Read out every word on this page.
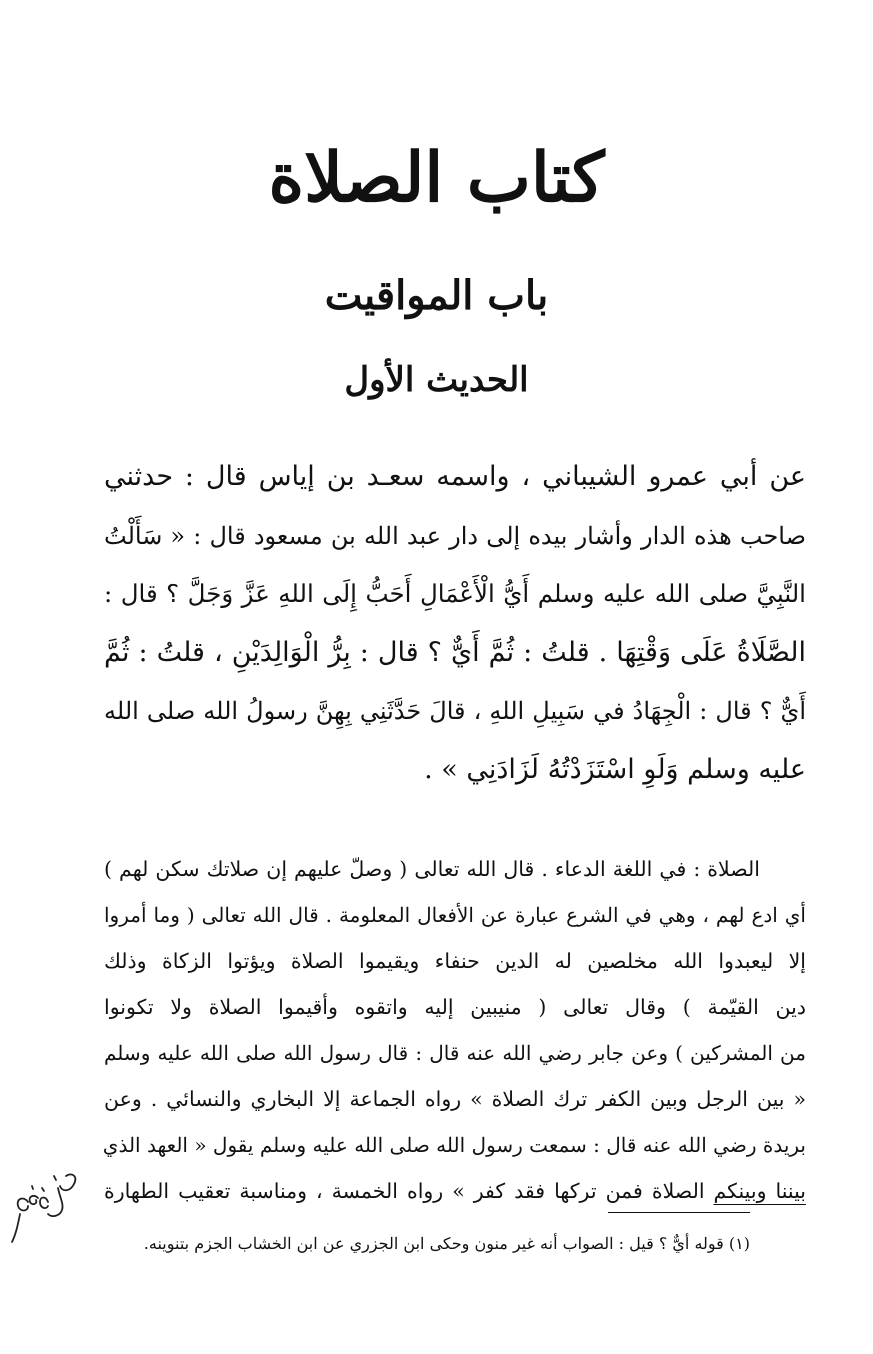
كتاب الصلاة
باب المواقيت
الحديث الأول
عن أبي عمرو الشيباني ، واسمه سعـد بن إياس قال : حدثني
صاحب هذه الدار وأشار بيده إلى دار عبد الله بن مسعود قال : « سَأَلْتُ
النَّبِيَّ صلى الله عليه وسلم أَيُّ الْأَعْمَالِ أَحَبُّ إِلَى اللهِ عَزَّ وَجَلَّ ؟ قال :
الصَّلَاةُ عَلَى وَقْتِهَا . قلتُ : ثُمَّ أَيٌّ ؟ قال : بِرُّ الْوَالِدَيْنِ ، قلتُ : ثُمَّ
أَيٌّ ؟ قال : الْجِهَادُ في سَبِيلِ اللهِ ، قالَ حَدَّثَنِي بِهِنَّ رسولُ الله صلى الله
عليه وسلم وَلَوِ اسْتَزَدْتُهُ لَزَادَنِي » .
الصلاة : في اللغة الدعاء . قال الله تعالى ( وصلّ عليهم إن صلاتك سكن لهم )
أي ادع لهم ، وهي في الشرع عبارة عن الأفعال المعلومة . قال الله تعالى ( وما أمروا
إلا ليعبدوا الله مخلصين له الدين حنفاء ويقيموا الصلاة ويؤتوا الزكاة وذلك
دين القيّمة ) وقال تعالى ( منيبين إليه واتقوه وأقيموا الصلاة ولا تكونوا
من المشركين ) وعن جابر رضي الله عنه قال : قال رسول الله صلى الله عليه وسلم
« بين الرجل وبين الكفر ترك الصلاة » رواه الجماعة إلا البخاري والنسائي . وعن
بريدة رضي الله عنه قال : سمعت رسول الله صلى الله عليه وسلم يقول « العهد الذي
بيننا وبينكم الصلاة فمن تركها فقد كفر » رواه الخمسة ، ومناسبة تعقيب الطهارة
(١) قوله أيٌّ ؟ قيل : الصواب أنه غير منون وحكى ابن الجزري عن ابن الخشاب الجزم بتنوينه.
